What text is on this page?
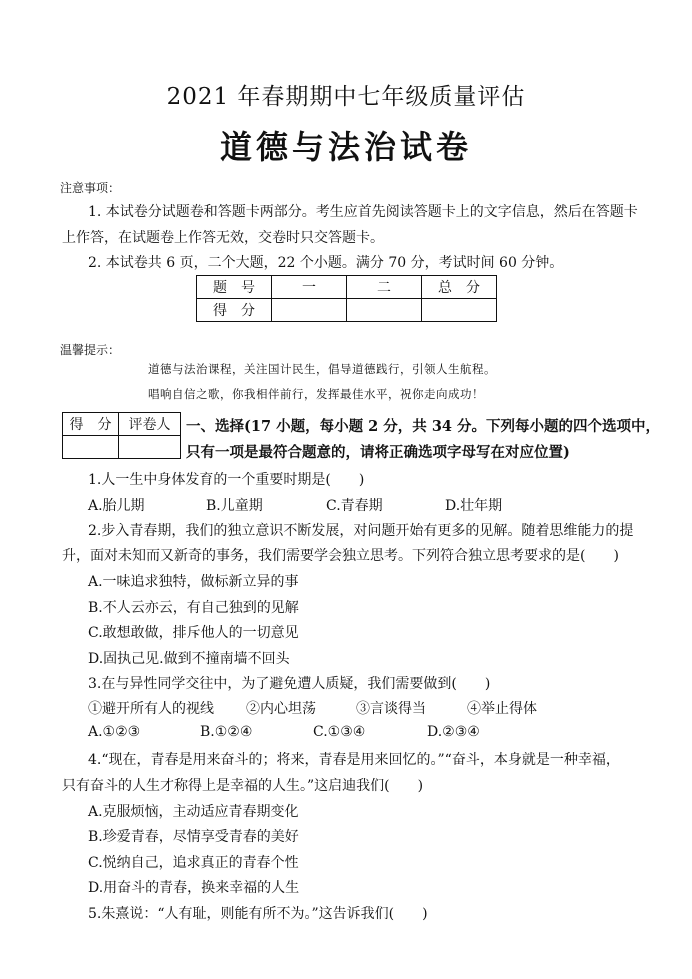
2021 年春期期中七年级质量评估
道德与法治试卷
注意事项：
1. 本试卷分试题卷和答题卡两部分。考生应首先阅读答题卡上的文字信息，然后在答题卡
上作答，在试题卷上作答无效，交卷时只交答题卡。
2. 本试卷共 6 页，二个大题，22 个小题。满分 70 分，考试时间 60 分钟。
题　号	一	二	总　分
得　分			
温馨提示：
道德与法治课程，关注国计民生，倡导道德践行，引领人生航程。
唱响自信之歌，你我相伴前行，发挥最佳水平，祝你走向成功！
得　分	评卷人
	一、选择(17 小题，每小题 2 分，共 34 分。下列每小题的四个选项中，
只有一项是最符合题意的，请将正确选项字母写在对应位置)
1.人一生中身体发育的一个重要时期是(　　)
A.胎儿期	B.儿童期	C.青春期	D.壮年期
2.步入青春期，我们的独立意识不断发展，对问题开始有更多的见解。随着思维能力的提
升，面对未知而又新奇的事务，我们需要学会独立思考。下列符合独立思考要求的是(　　)
A.一味追求独特，做标新立异的事
B.不人云亦云，有自己独到的见解
C.敢想敢做，排斥他人的一切意见
D.固执己见.做到不撞南墙不回头
3.在与异性同学交往中，为了避免遭人质疑，我们需要做到(　　)
①避开所有人的视线 ②内心坦荡	③言谈得当	④举止得体
A.①②③	B.①②④	C.①③④	D.②③④
4.“现在，青春是用来奋斗的；将来，青春是用来回忆的。”“奋斗，本身就是一种幸福，
只有奋斗的人生才称得上是幸福的人生。”这启迪我们(　　)
A.克服烦恼，主动适应青春期变化
B.珍爱青春，尽情享受青春的美好
C.悦纳自己，追求真正的青春个性
D.用奋斗的青春，换来幸福的人生
5.朱熹说：“人有耻，则能有所不为。”这告诉我们(　　)
